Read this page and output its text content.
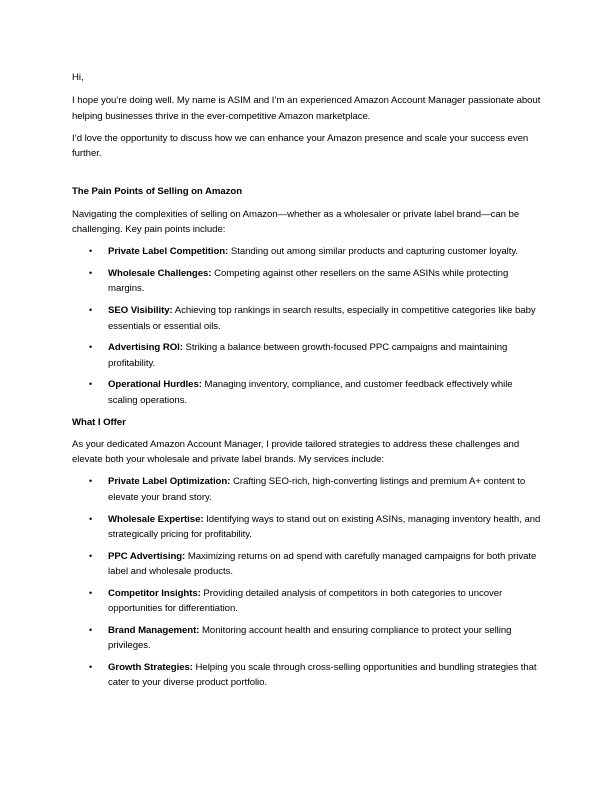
Hi,

I hope you’re doing well. My name is ASIM and I’m an experienced Amazon Account Manager passionate about helping businesses thrive in the ever-competitive Amazon marketplace.

I’d love the opportunity to discuss how we can enhance your Amazon presence and scale your success even further.

The Pain Points of Selling on Amazon

Navigating the complexities of selling on Amazon—whether as a wholesaler or private label brand—can be challenging. Key pain points include:

• Private Label Competition: Standing out among similar products and capturing customer loyalty.
• Wholesale Challenges: Competing against other resellers on the same ASINs while protecting margins.
• SEO Visibility: Achieving top rankings in search results, especially in competitive categories like baby essentials or essential oils.
• Advertising ROI: Striking a balance between growth-focused PPC campaigns and maintaining profitability.
• Operational Hurdles: Managing inventory, compliance, and customer feedback effectively while scaling operations.

What I Offer

As your dedicated Amazon Account Manager, I provide tailored strategies to address these challenges and elevate both your wholesale and private label brands. My services include:

• Private Label Optimization: Crafting SEO-rich, high-converting listings and premium A+ content to elevate your brand story.
• Wholesale Expertise: Identifying ways to stand out on existing ASINs, managing inventory health, and strategically pricing for profitability.
• PPC Advertising: Maximizing returns on ad spend with carefully managed campaigns for both private label and wholesale products.
• Competitor Insights: Providing detailed analysis of competitors in both categories to uncover opportunities for differentiation.
• Brand Management: Monitoring account health and ensuring compliance to protect your selling privileges.
• Growth Strategies: Helping you scale through cross-selling opportunities and bundling strategies that cater to your diverse product portfolio.
